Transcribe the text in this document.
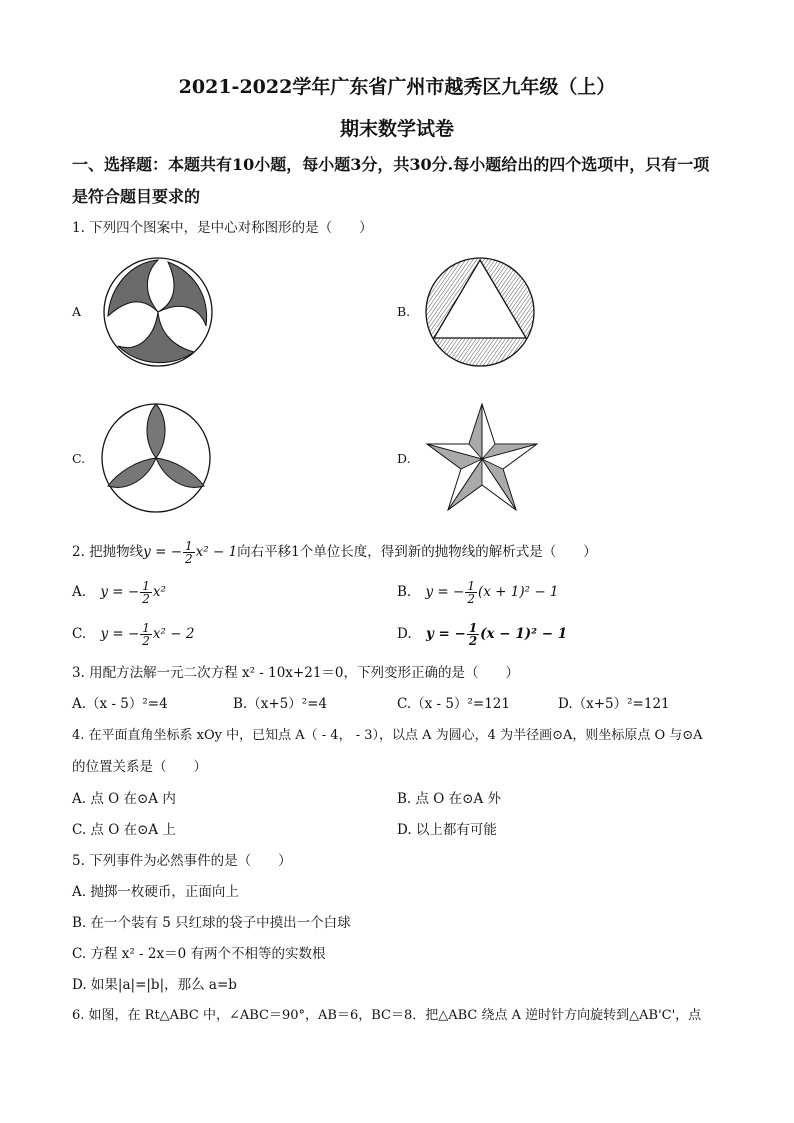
2021-2022学年广东省广州市越秀区九年级（上）
期末数学试卷
一、选择题：本题共有10小题，每小题3分，共30分.每小题给出的四个选项中，只有一项
是符合题目要求的
1. 下列四个图案中，是中心对称图形的是（　　）
A	B.
C.	D.
2. 把抛物线y = − $\frac{1}{2} x^2 - 1$向右平移1个单位长度，得到新的抛物线的解析式是（　　）
A. y = − $\frac{1}{2} x^2$	B. y = − $\frac{1}{2} (x + 1)^2 - 1$
C. y = − $\frac{1}{2} x^2 - 2$	D. y = − $\frac{1}{2} (x - 1)^2 - 1$
3. 用配方法解一元二次方程 x² - 10x+21＝0，下列变形正确的是（　　）
A.（x - 5）²=4	B.（x+5）²=4	C.（x - 5）²=121	D.（x+5）²=121
4. 在平面直角坐标系 xOy 中，已知点 A（ - 4， - 3），以点 A 为圆心，4 为半径画⊙A，则坐标原点 O 与⊙A
的位置关系是（　　）
A. 点 O 在⊙A 内	B. 点 O 在⊙A 外
C. 点 O 在⊙A 上	D. 以上都有可能
5. 下列事件为必然事件的是（　　）
A. 抛掷一枚硬币，正面向上
B. 在一个装有 5 只红球的袋子中摸出一个白球
C. 方程 x² - 2x＝0 有两个不相等的实数根
D. 如果|a|=|b|，那么 a=b
6. 如图，在 Rt△ABC 中，∠ABC＝90°，AB＝6，BC＝8．把△ABC 绕点 A 逆时针方向旋转到△AB'C'，点
